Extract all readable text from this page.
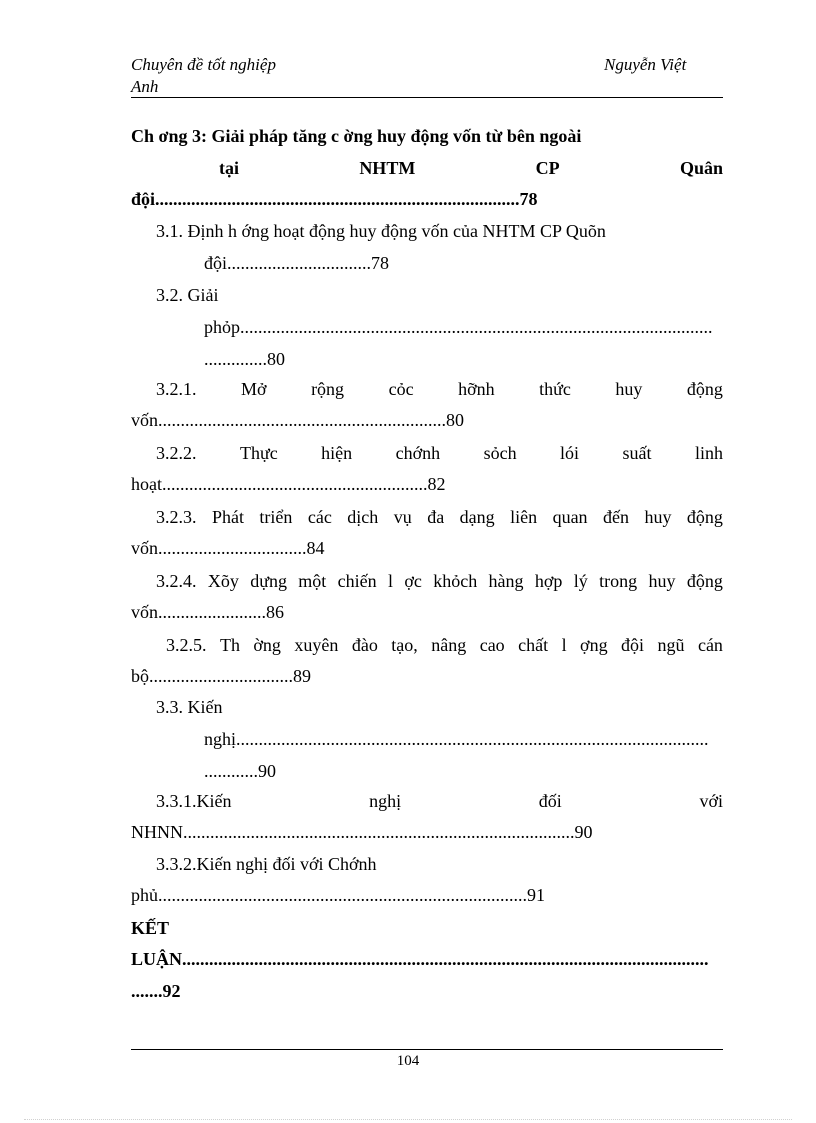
Chuyên đề tốt nghiệp
Anh
Nguyễn Việt
Ch ơng 3: Giải pháp tăng c ờng huy động vốn từ bên ngoài
tại	NHTM	CP	Quân
đội.................................................................................78
3.1. Định h ớng hoạt động huy động vốn của NHTM CP Quõn
đội................................78
3.2. Giải
phỏp.........................................................................................................
..............80
3.2.1. Mở rộng cỏc hỡnh thức huy động
vốn................................................................80
3.2.2. Thực hiện chớnh sỏch lói suất linh
hoạt...........................................................82
3.2.3. Phát triển các dịch vụ đa dạng liên quan đến huy động
vốn.................................84
3.2.4. Xõy dựng một chiến l ợc khỏch hàng hợp lý trong huy động
vốn........................86
3.2.5. Th ờng xuyên đào tạo, nâng cao chất l ợng đội ngũ cán
bộ................................89
3.3. Kiến
nghị.........................................................................................................
............90
3.3.1.Kiến	nghị	đối	với
NHNN.......................................................................................90
3.3.2.Kiến nghị đối với Chớnh
phủ..................................................................................91
KẾT
LUẬN.....................................................................................................................
.......92
104
